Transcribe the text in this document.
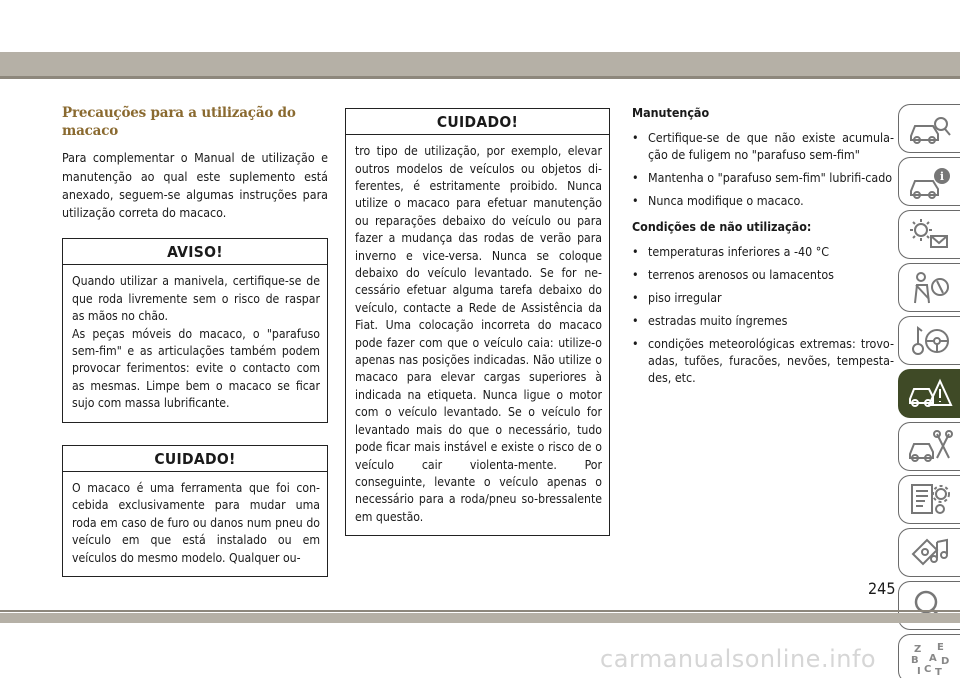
Precauções para a utilização do macaco

Para complementar o Manual de utilização e manutenção ao qual este suplemento está anexado, seguem-se algumas instruções para utilização correta do macaco.

AVISO!

Quando utilizar a manivela, certifique-se de que roda livremente sem o risco de raspar as mãos no chão.

As peças móveis do macaco, o "parafuso sem-fim" e as articulações também podem provocar ferimentos: evite o contacto com as mesmas. Limpe bem o macaco se ficar sujo com massa lubrificante.

CUIDADO!

O macaco é uma ferramenta que foi con-cebida exclusivamente para mudar uma roda em caso de furo ou danos num pneu do veículo em que está instalado ou em veículos do mesmo modelo. Qualquer ou-

CUIDADO!

tro tipo de utilização, por exemplo, elevar outros modelos de veículos ou objetos di-ferentes, é estritamente proibido. Nunca utilize o macaco para efetuar manutenção ou reparações debaixo do veículo ou para fazer a mudança das rodas de verão para inverno e vice-versa. Nunca se coloque debaixo do veículo levantado. Se for ne-cessário efetuar alguma tarefa debaixo do veículo, contacte a Rede de Assistência da Fiat. Uma colocação incorreta do macaco pode fazer com que o veículo caia: utilize-o apenas nas posições indicadas. Não utilize o macaco para elevar cargas superiores à indicada na etiqueta. Nunca ligue o motor com o veículo levantado. Se o veículo for levantado mais do que o necessário, tudo pode ficar mais instável e existe o risco de o veículo cair violenta-mente. Por conseguinte, levante o veículo apenas o necessário para a roda/pneu so-bressalente em questão.

Manutenção
• Certifique-se de que não existe acumula-ção de fuligem no "parafuso sem-fim"
• Mantenha o "parafuso sem-fim" lubrifi-cado
• Nunca modifique o macaco.
Condições de não utilização:
• temperaturas inferiores a -40 °C
• terrenos arenosos ou lamacentos
• piso irregular
• estradas muito íngremes
• condições meteorológicas extremas: trovo-adas, tufões, furacões, nevões, tempesta-des, etc.
i
Z E
B A
I C
D
T
245
carmanualsonline.info
